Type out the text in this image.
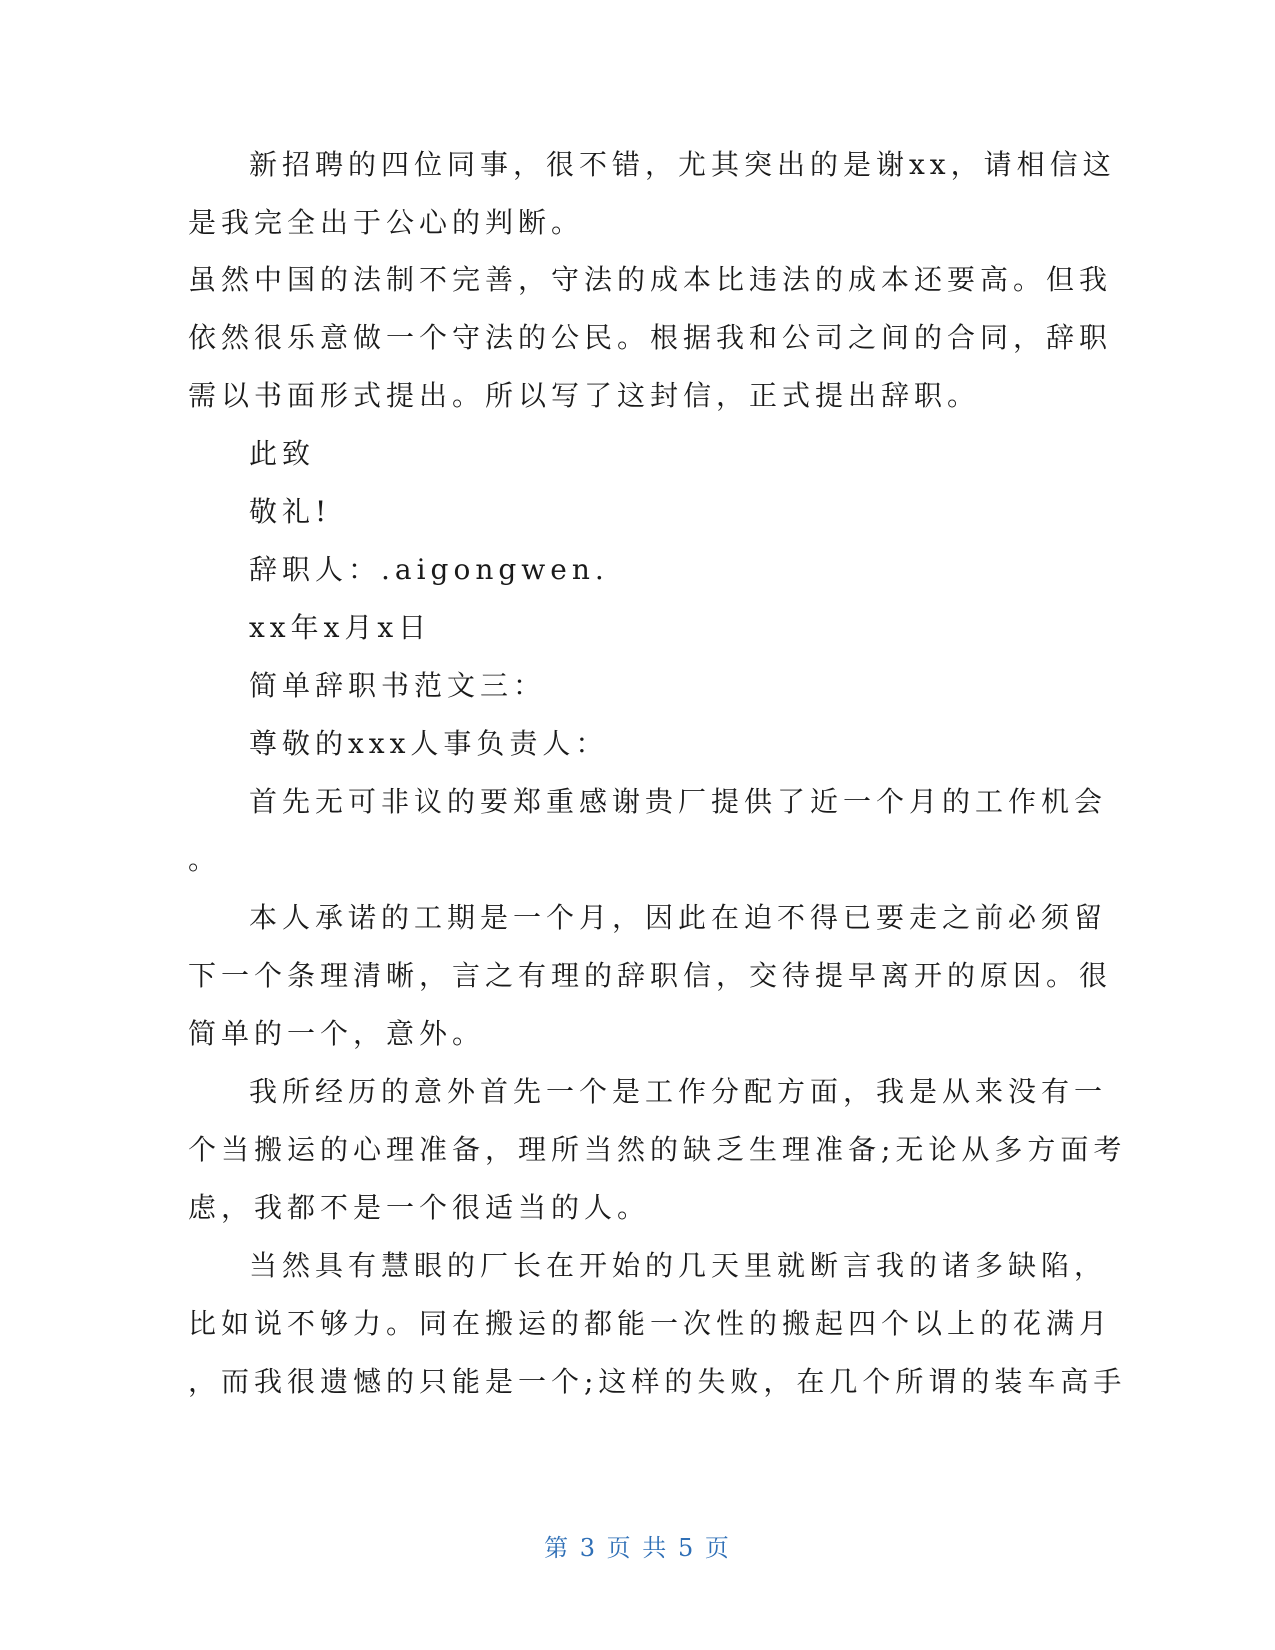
新招聘的四位同事，很不错，尤其突出的是谢xx，请相信这
是我完全出于公心的判断。
虽然中国的法制不完善，守法的成本比违法的成本还要高。但我
依然很乐意做一个守法的公民。根据我和公司之间的合同，辞职
需以书面形式提出。所以写了这封信，正式提出辞职。
此致
敬礼!
辞职人：.aigongwen.
xx年x月x日
简单辞职书范文三：
尊敬的xxx人事负责人：
首先无可非议的要郑重感谢贵厂提供了近一个月的工作机会
。
本人承诺的工期是一个月，因此在迫不得已要走之前必须留
下一个条理清晰，言之有理的辞职信，交待提早离开的原因。很
简单的一个，意外。
我所经历的意外首先一个是工作分配方面，我是从来没有一
个当搬运的心理准备，理所当然的缺乏生理准备;无论从多方面考
虑，我都不是一个很适当的人。
当然具有慧眼的厂长在开始的几天里就断言我的诸多缺陷，
比如说不够力。同在搬运的都能一次性的搬起四个以上的花满月
，而我很遗憾的只能是一个;这样的失败，在几个所谓的装车高手
第 3 页 共 5 页
